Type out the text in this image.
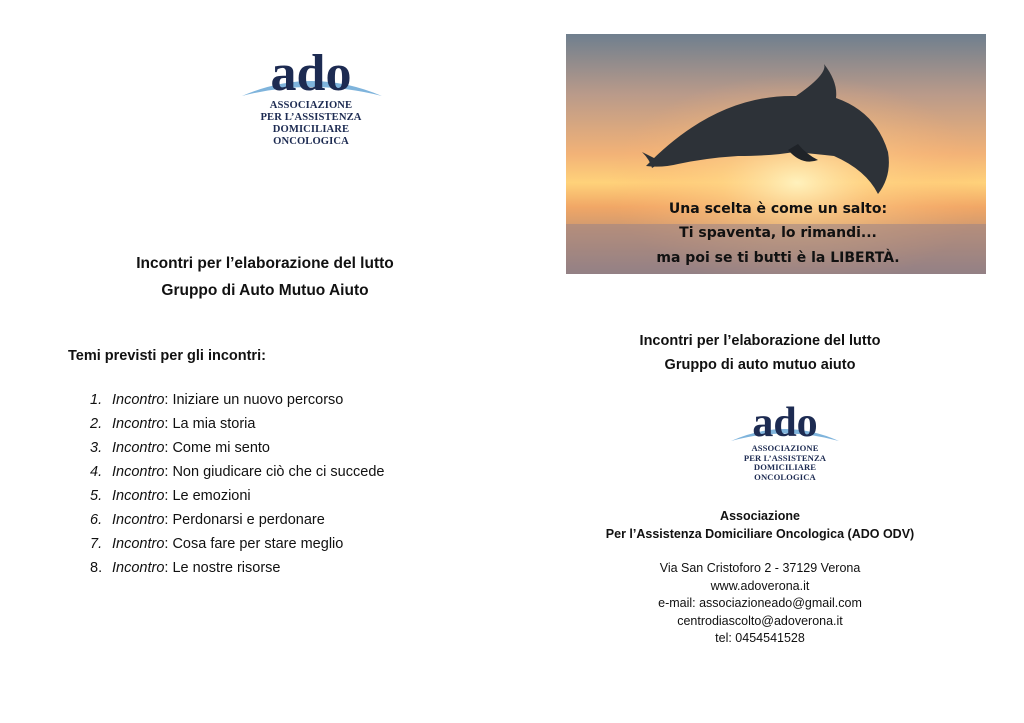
ado
ASSOCIAZIONE
PER L’ASSISTENZA
DOMICILIARE
ONCOLOGICA
Incontri per l’elaborazione del lutto
Gruppo di Auto Mutuo Aiuto
Temi previsti per gli incontri:
1. Incontro: Iniziare un nuovo percorso
2. Incontro: La mia storia
3. Incontro: Come mi sento
4. Incontro: Non giudicare ciò che ci succede
5. Incontro: Le emozioni
6. Incontro: Perdonarsi e perdonare
7. Incontro: Cosa fare per stare meglio
8. Incontro: Le nostre risorse
Una scelta è come un salto:
Ti spaventa, lo rimandi...
ma poi se ti butti è la LIBERTÀ.
Incontri per l’elaborazione del lutto
Gruppo di auto mutuo aiuto
ado
ASSOCIAZIONE
PER L’ASSISTENZA
DOMICILIARE
ONCOLOGICA
Associazione
Per l’Assistenza Domiciliare Oncologica (ADO ODV)
Via San Cristoforo 2 - 37129 Verona
www.adoverona.it
e-mail: associazioneado@gmail.com
centrodiascolto@adoverona.it
tel: 0454541528
